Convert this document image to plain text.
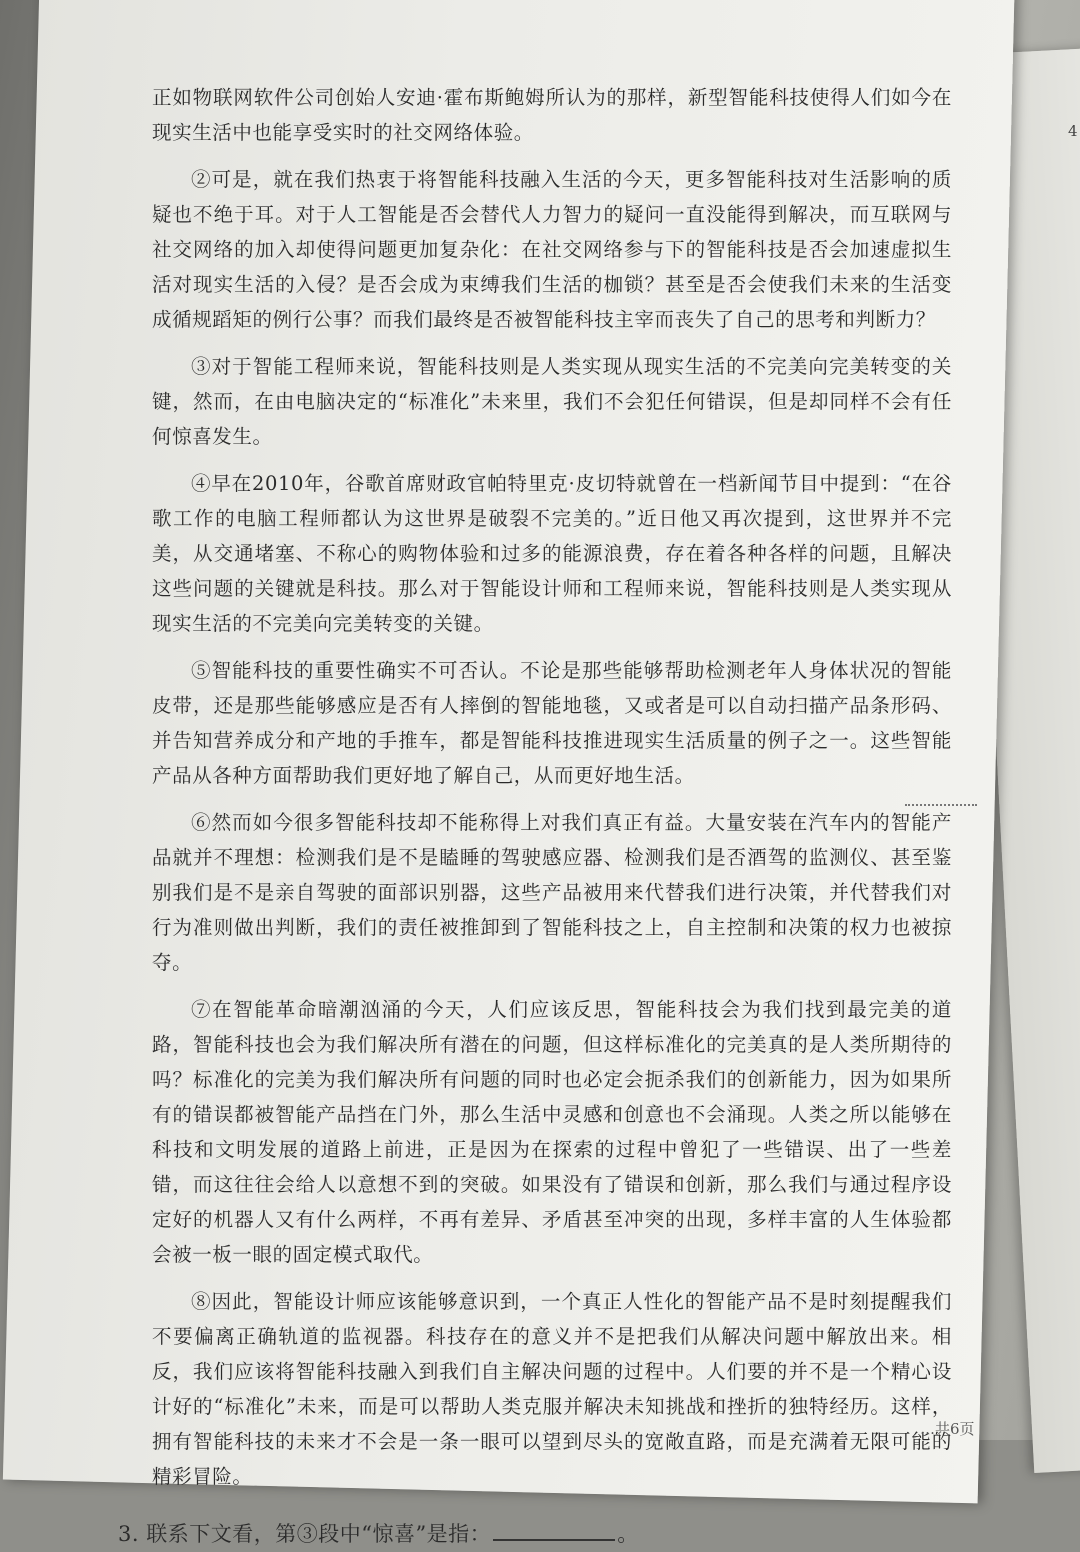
4

正如物联网软件公司创始人安迪·霍布斯鲍姆所认为的那样，新型智能科技使得人们如今在现实生活中也能享受实时的社交网络体验。

②可是，就在我们热衷于将智能科技融入生活的今天，更多智能科技对生活影响的质疑也不绝于耳。对于人工智能是否会替代人力智力的疑问一直没能得到解决，而互联网与社交网络的加入却使得问题更加复杂化：在社交网络参与下的智能科技是否会加速虚拟生活对现实生活的入侵？是否会成为束缚我们生活的枷锁？甚至是否会使我们未来的生活变成循规蹈矩的例行公事？而我们最终是否被智能科技主宰而丧失了自己的思考和判断力？

③对于智能工程师来说，智能科技则是人类实现从现实生活的不完美向完美转变的关键，然而，在由电脑决定的“标准化”未来里，我们不会犯任何错误，但是却同样不会有任何惊喜发生。

④早在2010年，谷歌首席财政官帕特里克·皮切特就曾在一档新闻节目中提到：“在谷歌工作的电脑工程师都认为这世界是破裂不完美的。”近日他又再次提到，这世界并不完美，从交通堵塞、不称心的购物体验和过多的能源浪费，存在着各种各样的问题，且解决这些问题的关键就是科技。那么对于智能设计师和工程师来说，智能科技则是人类实现从现实生活的不完美向完美转变的关键。

⑤智能科技的重要性确实不可否认。不论是那些能够帮助检测老年人身体状况的智能皮带，还是那些能够感应是否有人摔倒的智能地毯，又或者是可以自动扫描产品条形码、并告知营养成分和产地的手推车，都是智能科技推进现实生活质量的例子之一。这些智能产品从各种方面帮助我们更好地了解自己，从而更好地生活。

⑥然而如今很多智能科技却不能称得上对我们真正有益。大量安装在汽车内的智能产品就并不理想：检测我们是不是瞌睡的驾驶感应器、检测我们是否酒驾的监测仪、甚至鉴别我们是不是亲自驾驶的面部识别器，这些产品被用来代替我们进行决策，并代替我们对行为准则做出判断，我们的责任被推卸到了智能科技之上，自主控制和决策的权力也被掠夺。

⑦在智能革命暗潮汹涌的今天，人们应该反思，智能科技会为我们找到最完美的道路，智能科技也会为我们解决所有潜在的问题，但这样标准化的完美真的是人类所期待的吗？标准化的完美为我们解决所有问题的同时也必定会扼杀我们的创新能力，因为如果所有的错误都被智能产品挡在门外，那么生活中灵感和创意也不会涌现。人类之所以能够在科技和文明发展的道路上前进，正是因为在探索的过程中曾犯了一些错误、出了一些差错，而这往往会给人以意想不到的突破。如果没有了错误和创新，那么我们与通过程序设定好的机器人又有什么两样，不再有差异、矛盾甚至冲突的出现，多样丰富的人生体验都会被一板一眼的固定模式取代。

⑧因此，智能设计师应该能够意识到，一个真正人性化的智能产品不是时刻提醒我们不要偏离正确轨道的监视器。科技存在的意义并不是把我们从解决问题中解放出来。相反，我们应该将智能科技融入到我们自主解决问题的过程中。人们要的并不是一个精心设计好的“标准化”未来，而是可以帮助人类克服并解决未知挑战和挫折的独特经历。这样，拥有智能科技的未来才不会是一条一眼可以望到尽头的宽敞直路，而是充满着无限可能的精彩冒险。

3. 联系下文看，第③段中“惊喜”是指：	。
…共6页
